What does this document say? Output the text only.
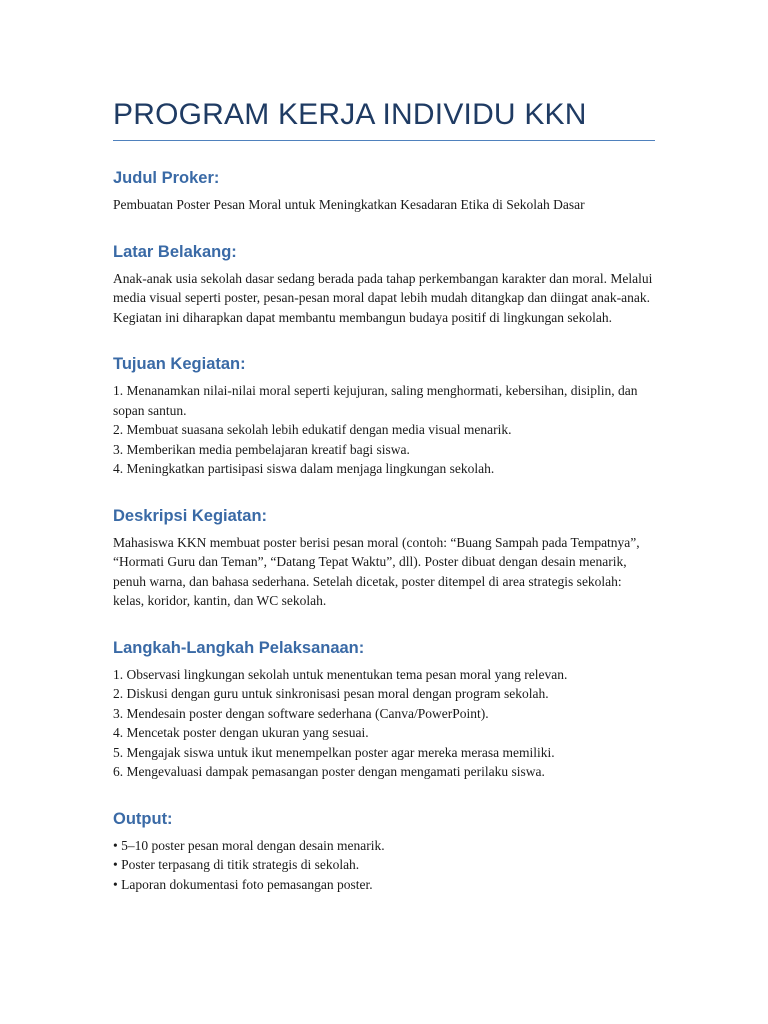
PROGRAM KERJA INDIVIDU KKN
Judul Proker:

Pembuatan Poster Pesan Moral untuk Meningkatkan Kesadaran Etika di Sekolah Dasar

Latar Belakang:

Anak-anak usia sekolah dasar sedang berada pada tahap perkembangan karakter dan moral. Melalui media visual seperti poster, pesan-pesan moral dapat lebih mudah ditangkap dan diingat anak-anak. Kegiatan ini diharapkan dapat membantu membangun budaya positif di lingkungan sekolah.

Tujuan Kegiatan:

1. Menanamkan nilai-nilai moral seperti kejujuran, saling menghormati, kebersihan, disiplin, dan sopan santun.

2. Membuat suasana sekolah lebih edukatif dengan media visual menarik.

3. Memberikan media pembelajaran kreatif bagi siswa.

4. Meningkatkan partisipasi siswa dalam menjaga lingkungan sekolah.

Deskripsi Kegiatan:

Mahasiswa KKN membuat poster berisi pesan moral (contoh: “Buang Sampah pada Tempatnya”, “Hormati Guru dan Teman”, “Datang Tepat Waktu”, dll). Poster dibuat dengan desain menarik, penuh warna, dan bahasa sederhana. Setelah dicetak, poster ditempel di area strategis sekolah: kelas, koridor, kantin, dan WC sekolah.

Langkah-Langkah Pelaksanaan:

1. Observasi lingkungan sekolah untuk menentukan tema pesan moral yang relevan.

2. Diskusi dengan guru untuk sinkronisasi pesan moral dengan program sekolah.

3. Mendesain poster dengan software sederhana (Canva/PowerPoint).

4. Mencetak poster dengan ukuran yang sesuai.

5. Mengajak siswa untuk ikut menempelkan poster agar mereka merasa memiliki.

6. Mengevaluasi dampak pemasangan poster dengan mengamati perilaku siswa.

Output:

• 5–10 poster pesan moral dengan desain menarik.

• Poster terpasang di titik strategis di sekolah.

• Laporan dokumentasi foto pemasangan poster.
